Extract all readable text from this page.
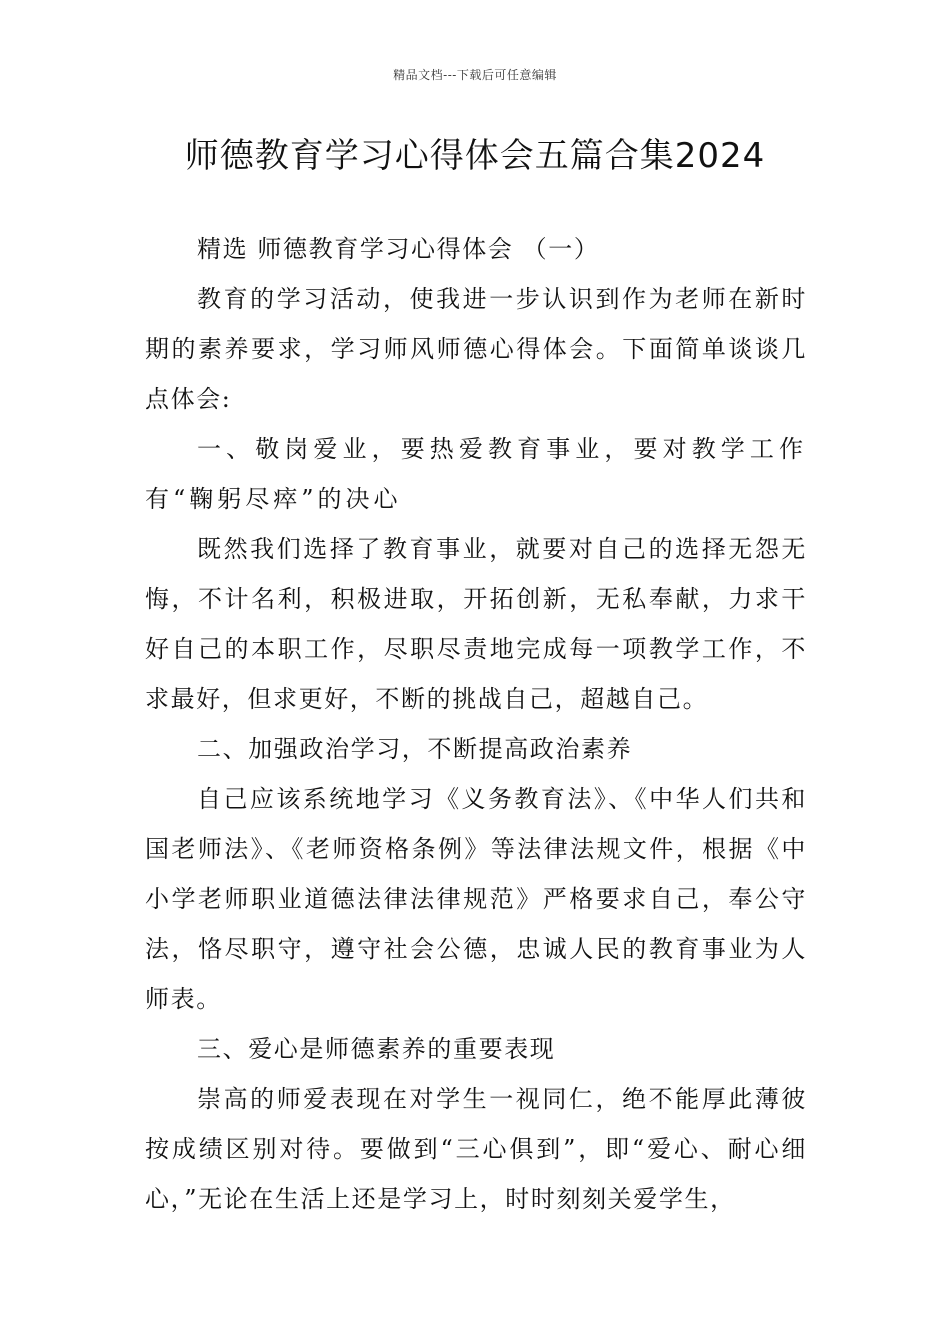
精品文档---下载后可任意编辑
师德教育学习心得体会五篇合集2024

精选 师德教育学习心得体会 （一）

教育的学习活动，使我进一步认识到作为老师在新时期的素养要求，学习师风师德心得体会。下面简单谈谈几点体会:

一、敬岗爱业，要热爱教育事业，要对教学工作有“鞠躬尽瘁”的决心

既然我们选择了教育事业，就要对自己的选择无怨无悔，不计名利，积极进取，开拓创新，无私奉献，力求干好自己的本职工作，尽职尽责地完成每一项教学工作，不求最好，但求更好，不断的挑战自己，超越自己。

二、加强政治学习，不断提高政治素养

自己应该系统地学习《义务教育法》、《中华人们共和国老师法》、《老师资格条例》等法律法规文件，根据《中小学老师职业道德法律法律规范》严格要求自己，奉公守法，恪尽职守，遵守社会公德，忠诚人民的教育事业为人师表。

三、爱心是师德素养的重要表现

崇高的师爱表现在对学生一视同仁，绝不能厚此薄彼按成绩区别对待。要做到“三心俱到”，即“爱心、耐心细心，”无论在生活上还是学习上，时时刻刻关爱学生，
